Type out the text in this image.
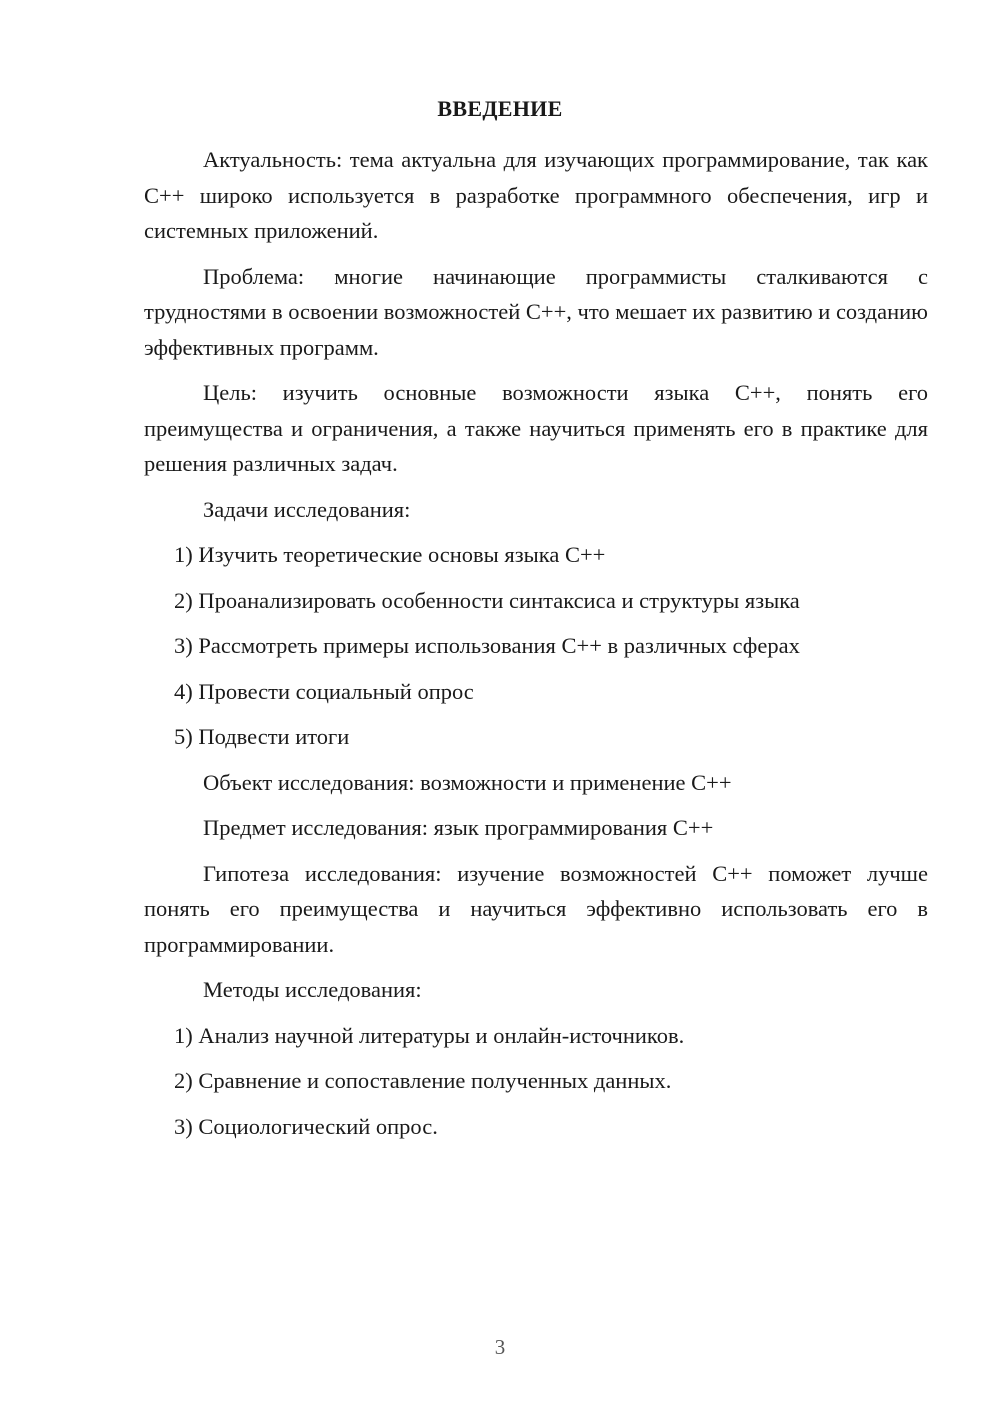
ВВЕДЕНИЕ

Актуальность: тема актуальна для изучающих программирование, так как C++ широко используется в разработке программного обеспечения, игр и системных приложений.

Проблема: многие начинающие программисты сталкиваются с трудностями в освоении возможностей C++, что мешает их развитию и созданию эффективных программ.

Цель: изучить основные возможности языка C++, понять его преимущества и ограничения, а также научиться применять его в практике для решения различных задач.

Задачи исследования:

1) Изучить теоретические основы языка C++

2) Проанализировать особенности синтаксиса и структуры языка

3) Рассмотреть примеры использования C++ в различных сферах

4) Провести социальный опрос

5) Подвести итоги

Объект исследования: возможности и применение C++

Предмет исследования: язык программирования C++

Гипотеза исследования: изучение возможностей C++ поможет лучше понять его преимущества и научиться эффективно использовать его в программировании.

Методы исследования:

1) Анализ научной литературы и онлайн-источников.

2) Сравнение и сопоставление полученных данных.

3) Социологический опрос.

3
